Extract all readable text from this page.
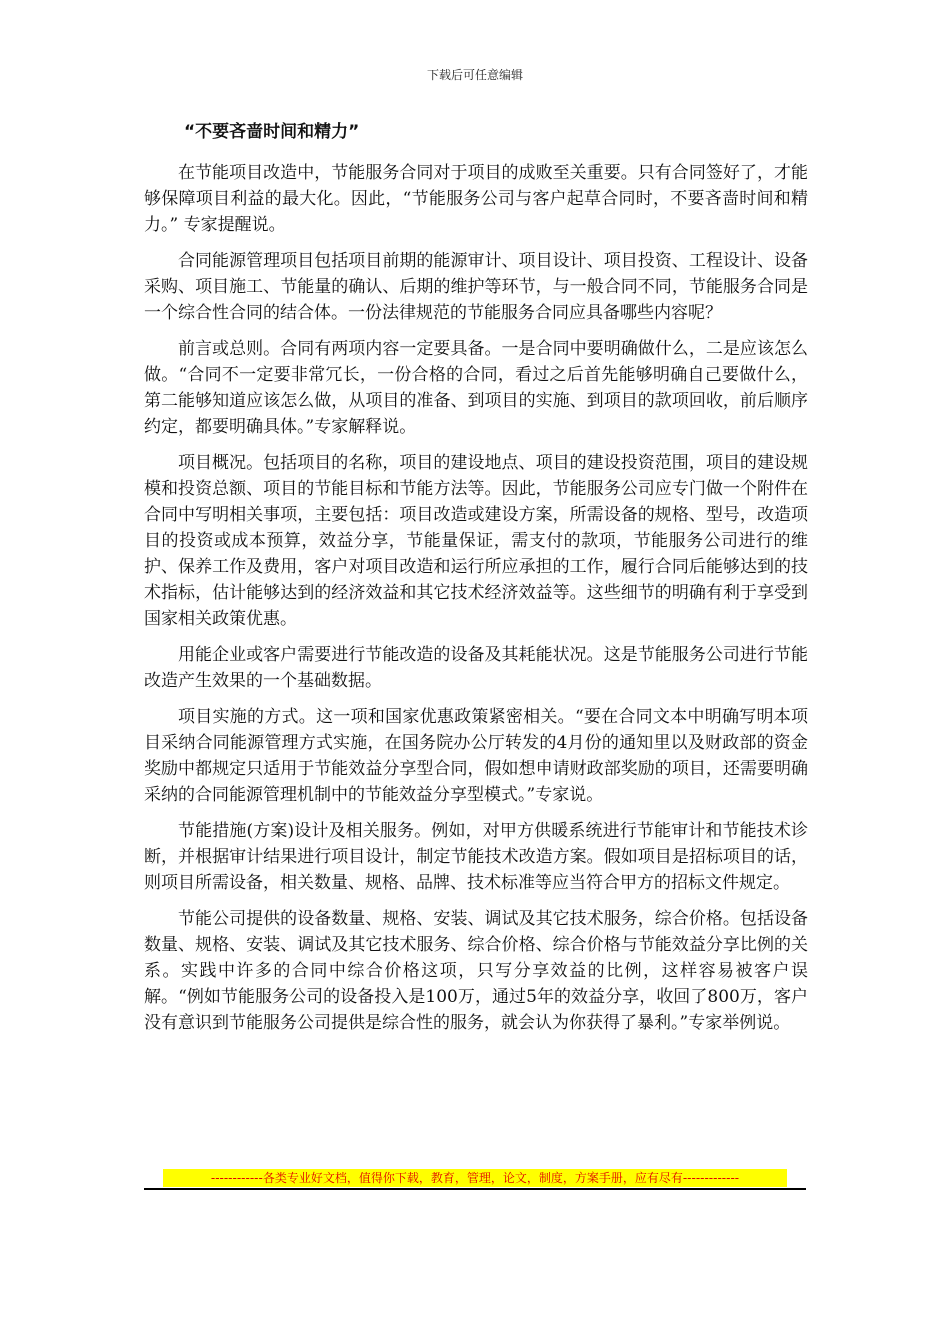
下载后可任意编辑
“不要吝啬时间和精力”

在节能项目改造中，节能服务合同对于项目的成败至关重要。只有合同签好了，才能够保障项目利益的最大化。因此，“节能服务公司与客户起草合同时，不要吝啬时间和精力。” 专家提醒说。

合同能源管理项目包括项目前期的能源审计、项目设计、项目投资、工程设计、设备采购、项目施工、节能量的确认、后期的维护等环节，与一般合同不同，节能服务合同是一个综合性合同的结合体。一份法律规范的节能服务合同应具备哪些内容呢？

前言或总则。合同有两项内容一定要具备。一是合同中要明确做什么，二是应该怎么做。“合同不一定要非常冗长，一份合格的合同，看过之后首先能够明确自己要做什么，第二能够知道应该怎么做，从项目的准备、到项目的实施、到项目的款项回收，前后顺序约定，都要明确具体。”专家解释说。

项目概况。包括项目的名称，项目的建设地点、项目的建设投资范围，项目的建设规模和投资总额、项目的节能目标和节能方法等。因此，节能服务公司应专门做一个附件在合同中写明相关事项，主要包括：项目改造或建设方案，所需设备的规格、型号，改造项目的投资或成本预算，效益分享，节能量保证，需支付的款项，节能服务公司进行的维护、保养工作及费用，客户对项目改造和运行所应承担的工作，履行合同后能够达到的技术指标，估计能够达到的经济效益和其它技术经济效益等。这些细节的明确有利于享受到国家相关政策优惠。

用能企业或客户需要进行节能改造的设备及其耗能状况。这是节能服务公司进行节能改造产生效果的一个基础数据。

项目实施的方式。这一项和国家优惠政策紧密相关。“要在合同文本中明确写明本项目采纳合同能源管理方式实施，在国务院办公厅转发的4月份的通知里以及财政部的资金奖励中都规定只适用于节能效益分享型合同，假如想申请财政部奖励的项目，还需要明确采纳的合同能源管理机制中的节能效益分享型模式。”专家说。

节能措施(方案)设计及相关服务。例如，对甲方供暖系统进行节能审计和节能技术诊断，并根据审计结果进行项目设计，制定节能技术改造方案。假如项目是招标项目的话，则项目所需设备，相关数量、规格、品牌、技术标准等应当符合甲方的招标文件规定。

节能公司提供的设备数量、规格、安装、调试及其它技术服务，综合价格。包括设备数量、规格、安装、调试及其它技术服务、综合价格、综合价格与节能效益分享比例的关系。实践中许多的合同中综合价格这项，只写分享效益的比例，这样容易被客户误解。“例如节能服务公司的设备投入是100万，通过5年的效益分享，收回了800万，客户没有意识到节能服务公司提供是综合性的服务，就会认为你获得了暴利。”专家举例说。

------------各类专业好文档，值得你下载，教育，管理，论文，制度，方案手册，应有尽有-------------
